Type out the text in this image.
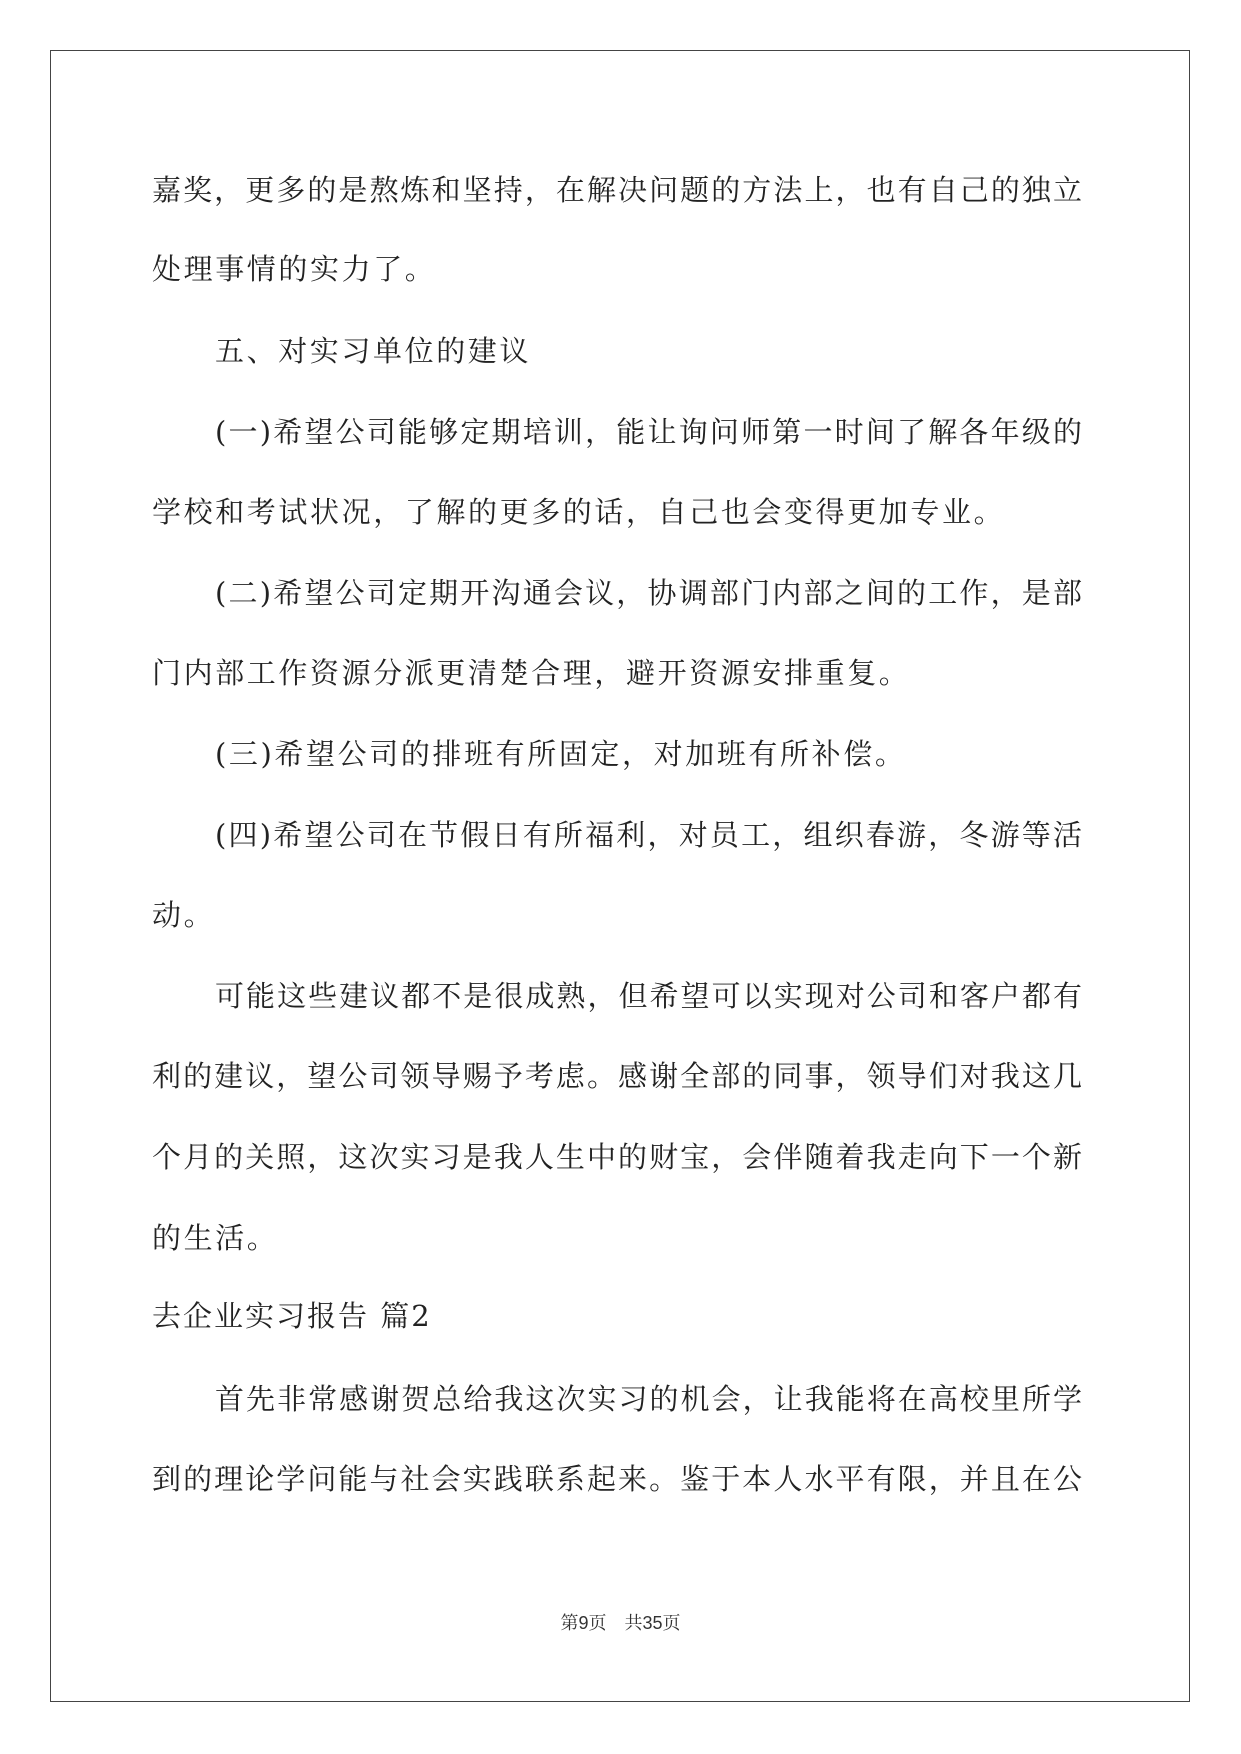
嘉奖，更多的是熬炼和坚持，在解决问题的方法上，也有自己的独立
处理事情的实力了。
五、对实习单位的建议
(一)希望公司能够定期培训，能让询问师第一时间了解各年级的
学校和考试状况，了解的更多的话，自己也会变得更加专业。
(二)希望公司定期开沟通会议，协调部门内部之间的工作，是部
门内部工作资源分派更清楚合理，避开资源安排重复。
(三)希望公司的排班有所固定，对加班有所补偿。
(四)希望公司在节假日有所福利，对员工，组织春游，冬游等活
动。
可能这些建议都不是很成熟，但希望可以实现对公司和客户都有
利的建议，望公司领导赐予考虑。感谢全部的同事，领导们对我这几
个月的关照，这次实习是我人生中的财宝，会伴随着我走向下一个新
的生活。
去企业实习报告 篇2
首先非常感谢贺总给我这次实习的机会，让我能将在高校里所学
到的理论学问能与社会实践联系起来。鉴于本人水平有限，并且在公
第9页　共35页
